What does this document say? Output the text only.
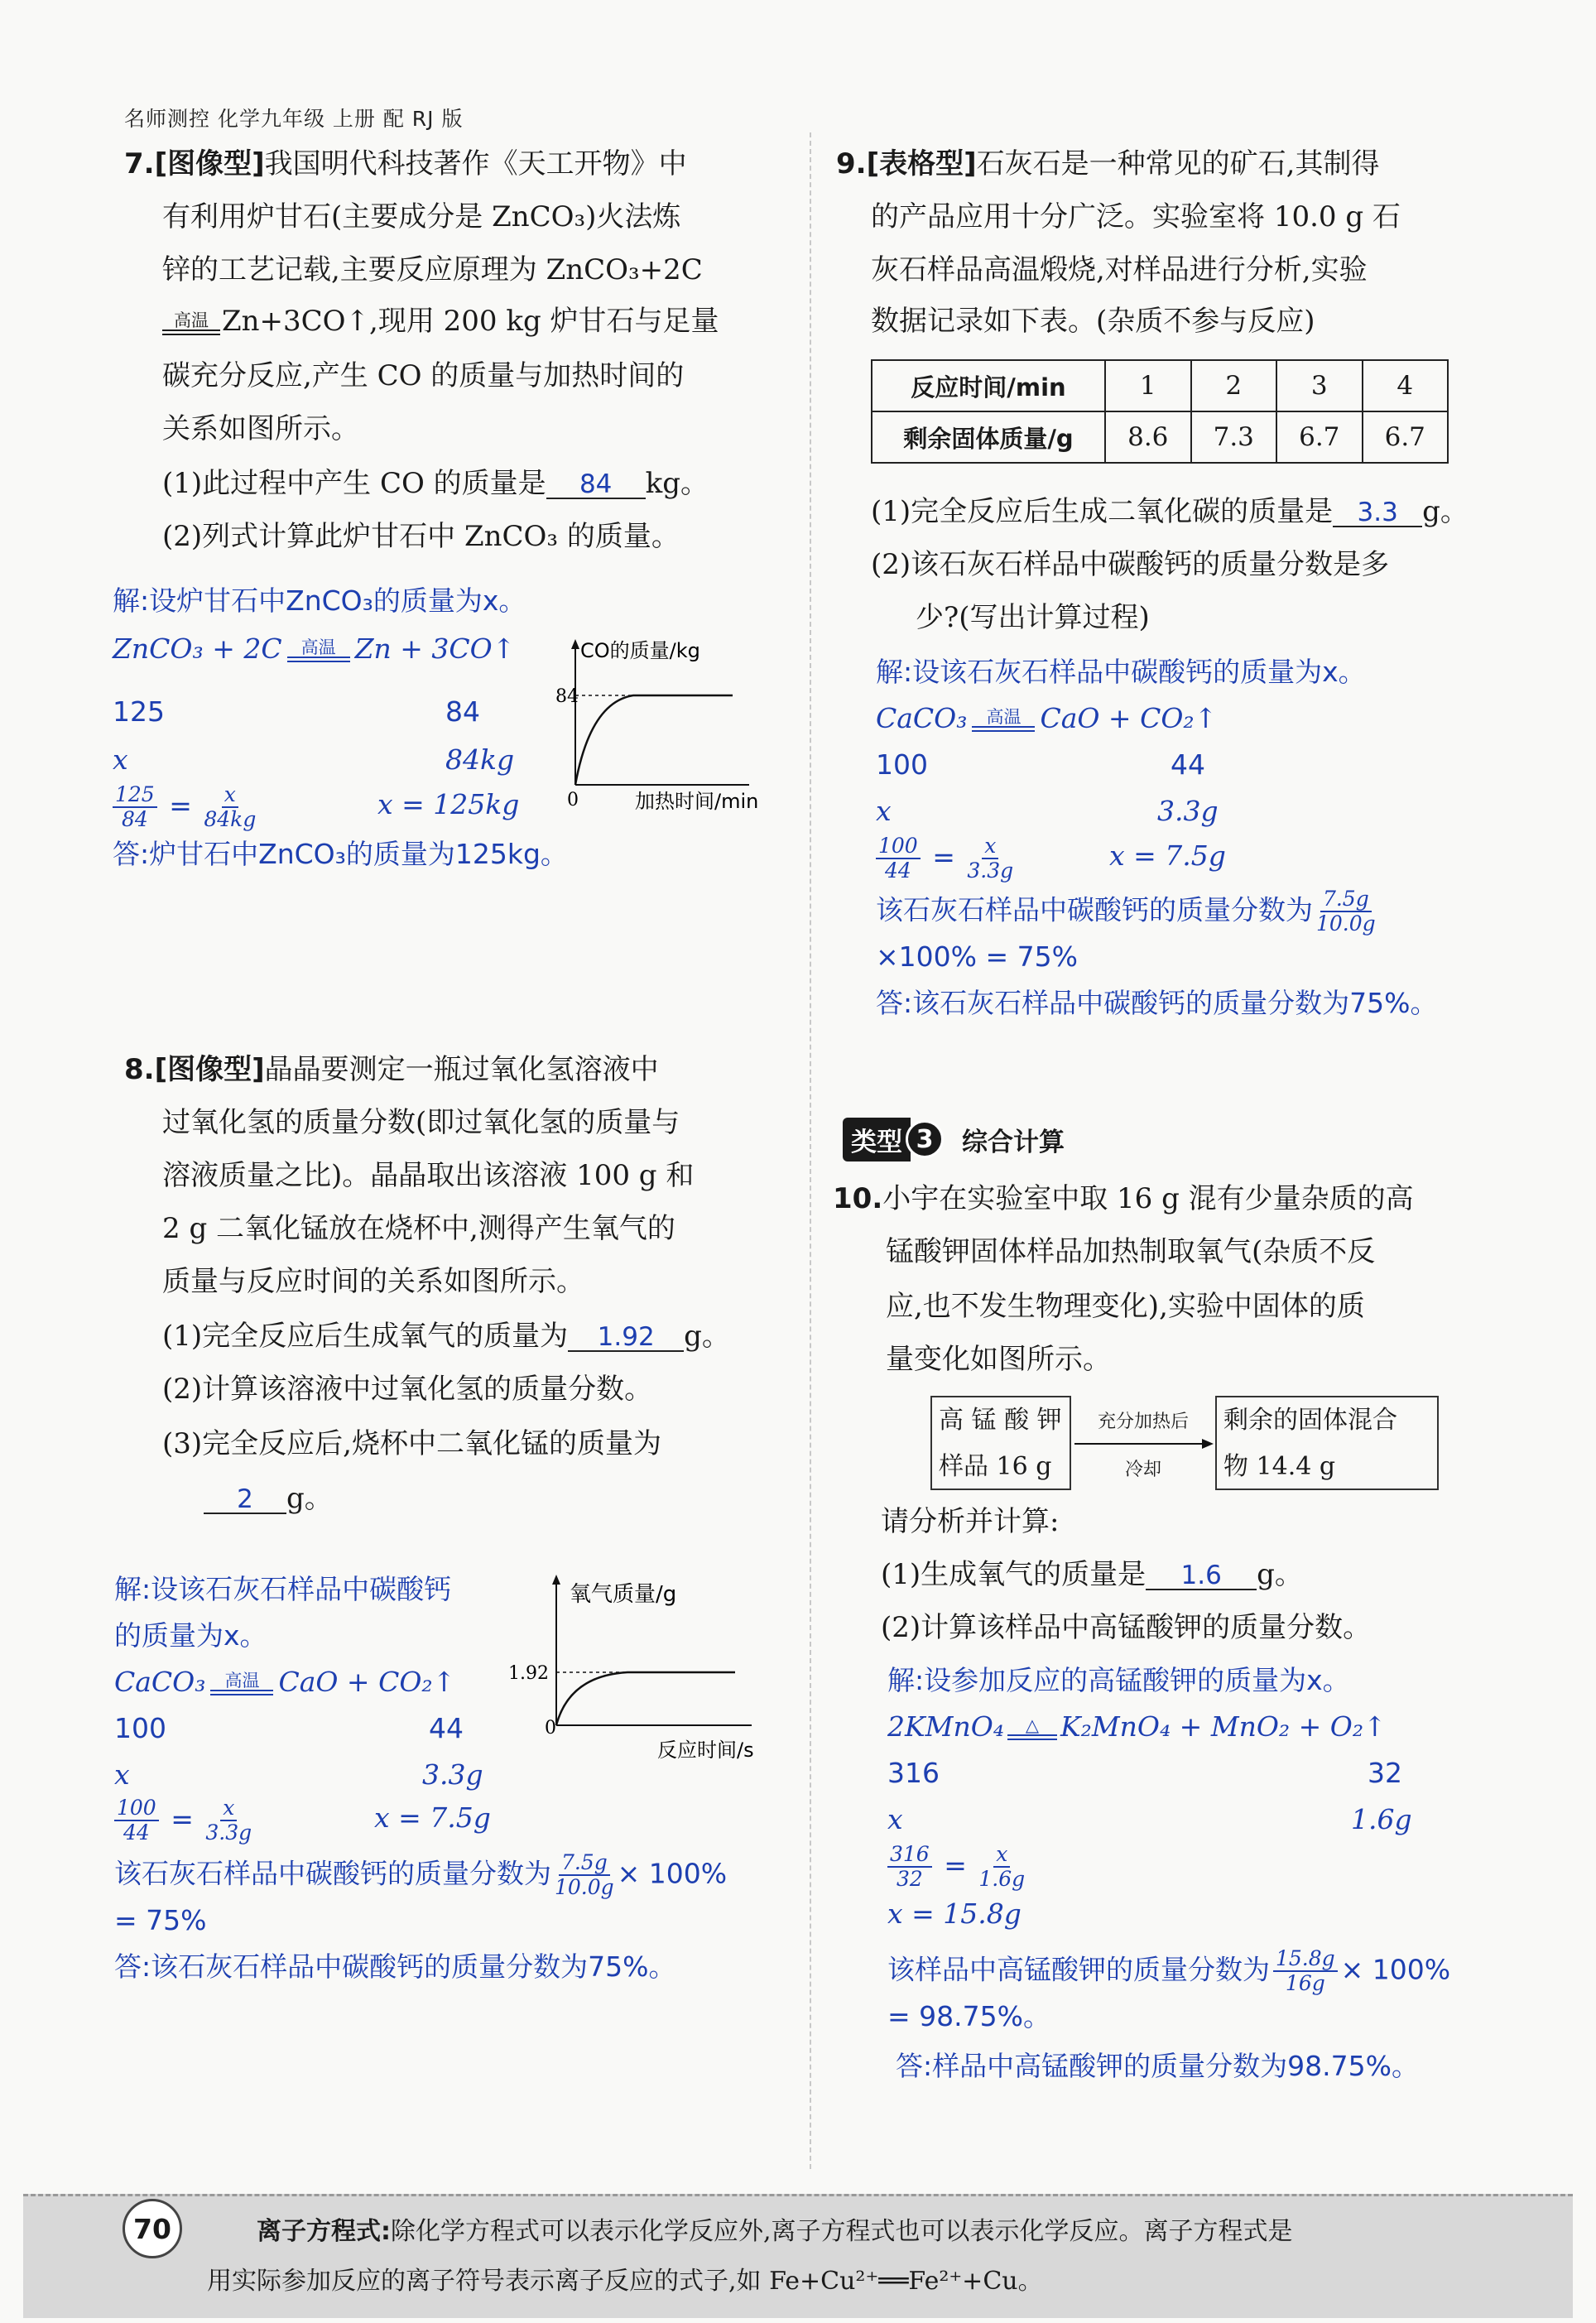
名师测控 化学九年级 上册 配 RJ 版
7.[图像型]我国明代科技著作《天工开物》中
有利用炉甘石(主要成分是 ZnCO₃)火法炼
锌的工艺记载,主要反应原理为 ZnCO₃+2C
高温 Zn+3CO↑,现用 200 kg 炉甘石与足量
碳充分反应,产生 CO 的质量与加热时间的
关系如图所示。
(1)此过程中产生 CO 的质量是 84 kg。
(2)列式计算此炉甘石中 ZnCO₃ 的质量。
解:设炉甘石中ZnCO₃的质量为x。
ZnCO₃ + 2C 高温 Zn + 3CO↑
125	84
x	84kg
$\frac{125}{84} = \frac{x}{84kg}$	x = 125kg
答:炉甘石中ZnCO₃的质量为125kg。
84
0
CO的质量/kg
加热时间/min
8.[图像型]晶晶要测定一瓶过氧化氢溶液中
过氧化氢的质量分数(即过氧化氢的质量与
溶液质量之比)。晶晶取出该溶液 100 g 和
2 g 二氧化锰放在烧杯中,测得产生氧气的
质量与反应时间的关系如图所示。
(1)完全反应后生成氧气的质量为 1.92 g。
(2)计算该溶液中过氧化氢的质量分数。
(3)完全反应后,烧杯中二氧化锰的质量为
2 g。
解:设该石灰石样品中碳酸钙
的质量为x。
CaCO₃ 高温 CaO + CO₂↑
100	44
x	3.3g
$\frac{100}{44} = \frac{x}{3.3g}$	x = 7.5g
该石灰石样品中碳酸钙的质量分数为 $\frac{7.5g}{10.0g} \times 100\%$
= 75%
答:该石灰石样品中碳酸钙的质量分数为75%。
1.92
0
氧气质量/g
反应时间/s
9.[表格型]石灰石是一种常见的矿石,其制得
的产品应用十分广泛。实验室将 10.0 g 石
灰石样品高温煅烧,对样品进行分析,实验
数据记录如下表。(杂质不参与反应)
反应时间/min	1	2	3	4
剩余固体质量/g	8.6	7.3	6.7	6.7
(1)完全反应后生成二氧化碳的质量是 3.3 g。
(2)该石灰石样品中碳酸钙的质量分数是多
少?(写出计算过程)
解:设该石灰石样品中碳酸钙的质量为x。
CaCO₃ 高温 CaO + CO₂↑
100	44
x	3.3g
$\frac{100}{44} = \frac{x}{3.3g}$	x = 7.5g
该石灰石样品中碳酸钙的质量分数为 $\frac{7.5g}{10.0g}$
×100% = 75%
答:该石灰石样品中碳酸钙的质量分数为75%。
类型 3	综合计算
10.小宇在实验室中取 16 g 混有少量杂质的高
锰酸钾固体样品加热制取氧气(杂质不反
应,也不发生物理变化),实验中固体的质
量变化如图所示。
高 锰 酸 钾
样品 16 g
充分加热后
冷却
剩余的固体混合
物 14.4 g
请分析并计算:
(1)生成氧气的质量是 1.6 g。
(2)计算该样品中高锰酸钾的质量分数。
解:设参加反应的高锰酸钾的质量为x。
2KMnO₄ △ K₂MnO₄ + MnO₂ + O₂↑
316	32
x	1.6g
$\frac{316}{32} = \frac{x}{1.6g}$
x = 15.8g
该样品中高锰酸钾的质量分数为 $\frac{15.8g}{16g} \times 100\%$
= 98.75%。
答:样品中高锰酸钾的质量分数为98.75%。
70	离子方程式:除化学方程式可以表示化学反应外,离子方程式也可以表示化学反应。离子方程式是
用实际参加反应的离子符号表示离子反应的式子,如 Fe+Cu²⁺══Fe²⁺+Cu。
